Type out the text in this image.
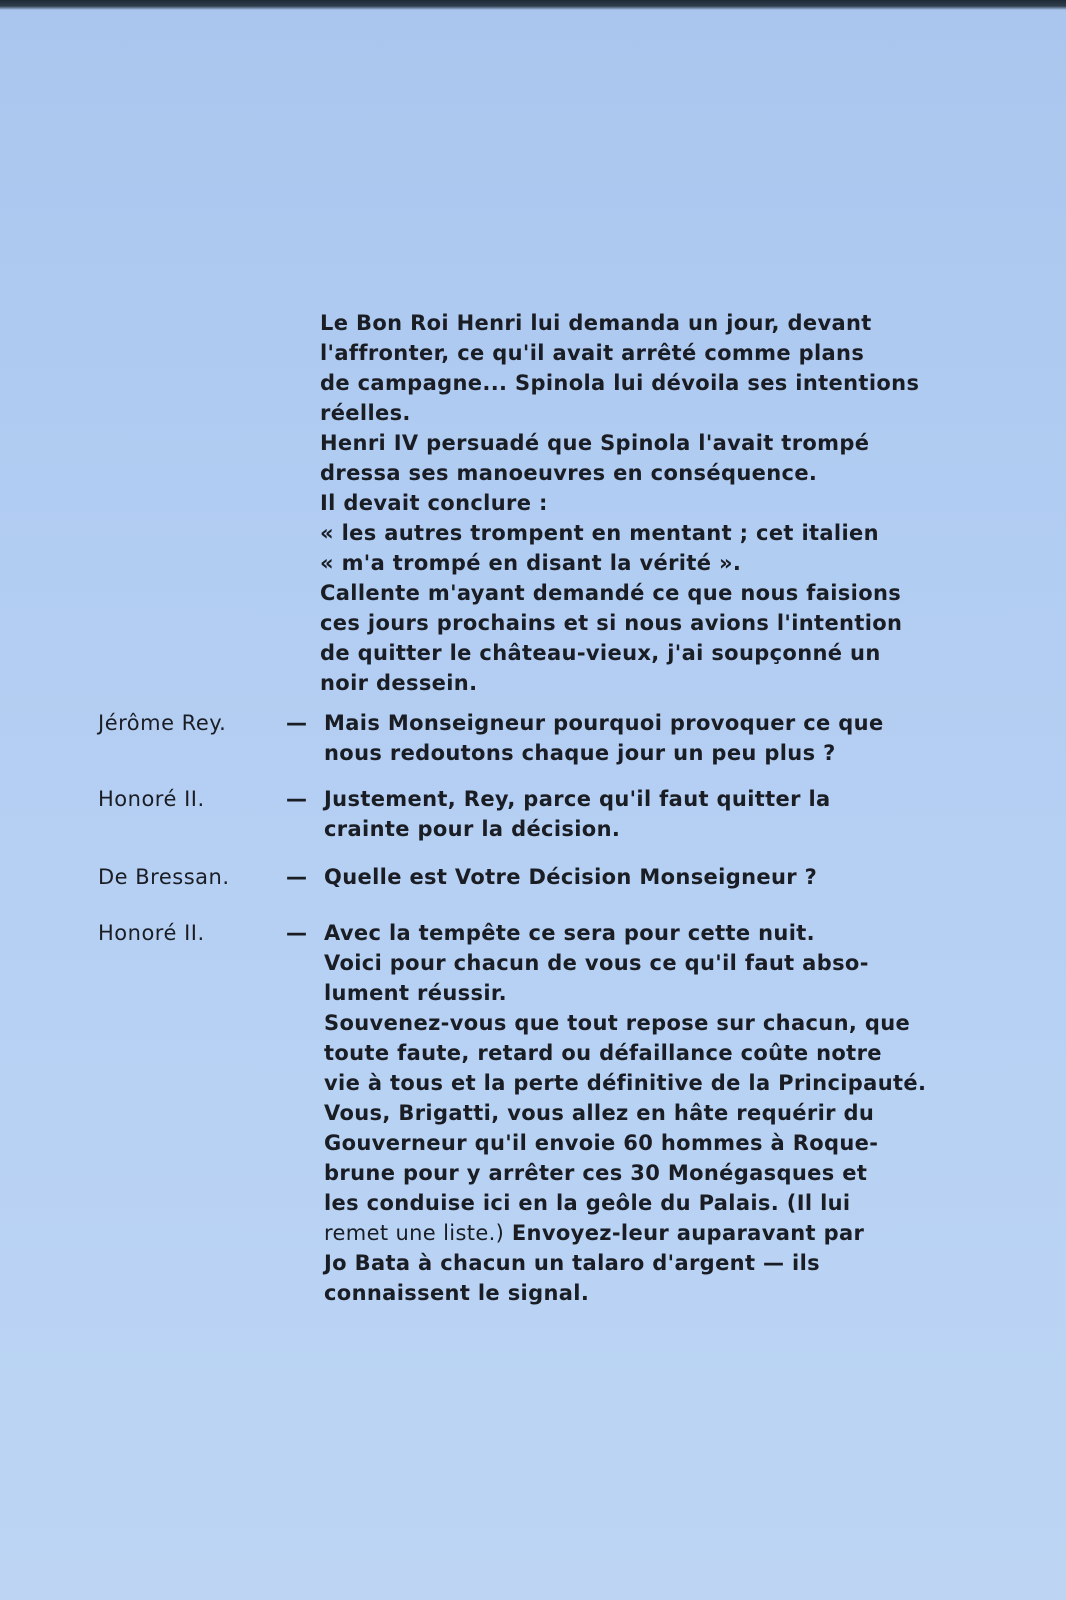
Le Bon Roi Henri lui demanda un jour, devant

l'affronter, ce qu'il avait arrêté comme plans

de campagne... Spinola lui dévoila ses intentions

réelles.

Henri IV persuadé que Spinola l'avait trompé

dressa ses manoeuvres en conséquence.

Il devait conclure :

« les autres trompent en mentant ; cet italien

« m'a trompé en disant la vérité ».

Callente m'ayant demandé ce que nous faisions

ces jours prochains et si nous avions l'intention

de quitter le château-vieux, j'ai soupçonné un

noir dessein.

Jérôme Rey.	— Mais Monseigneur pourquoi provoquer ce que

nous redoutons chaque jour un peu plus ?

Honoré II.	— Justement, Rey, parce qu'il faut quitter la

crainte pour la décision.

De Bressan.	— Quelle est Votre Décision Monseigneur ?

Honoré II.	— Avec la tempête ce sera pour cette nuit.

Voici pour chacun de vous ce qu'il faut abso-

lument réussir.

Souvenez-vous que tout repose sur chacun, que

toute faute, retard ou défaillance coûte notre

vie à tous et la perte définitive de la Principauté.

Vous, Brigatti, vous allez en hâte requérir du

Gouverneur qu'il envoie 60 hommes à Roque-

brune pour y arrêter ces 30 Monégasques et

les conduise ici en la geôle du Palais. (Il lui

remet une liste.) Envoyez-leur auparavant par

Jo Bata à chacun un talaro d'argent — ils

connaissent le signal.
